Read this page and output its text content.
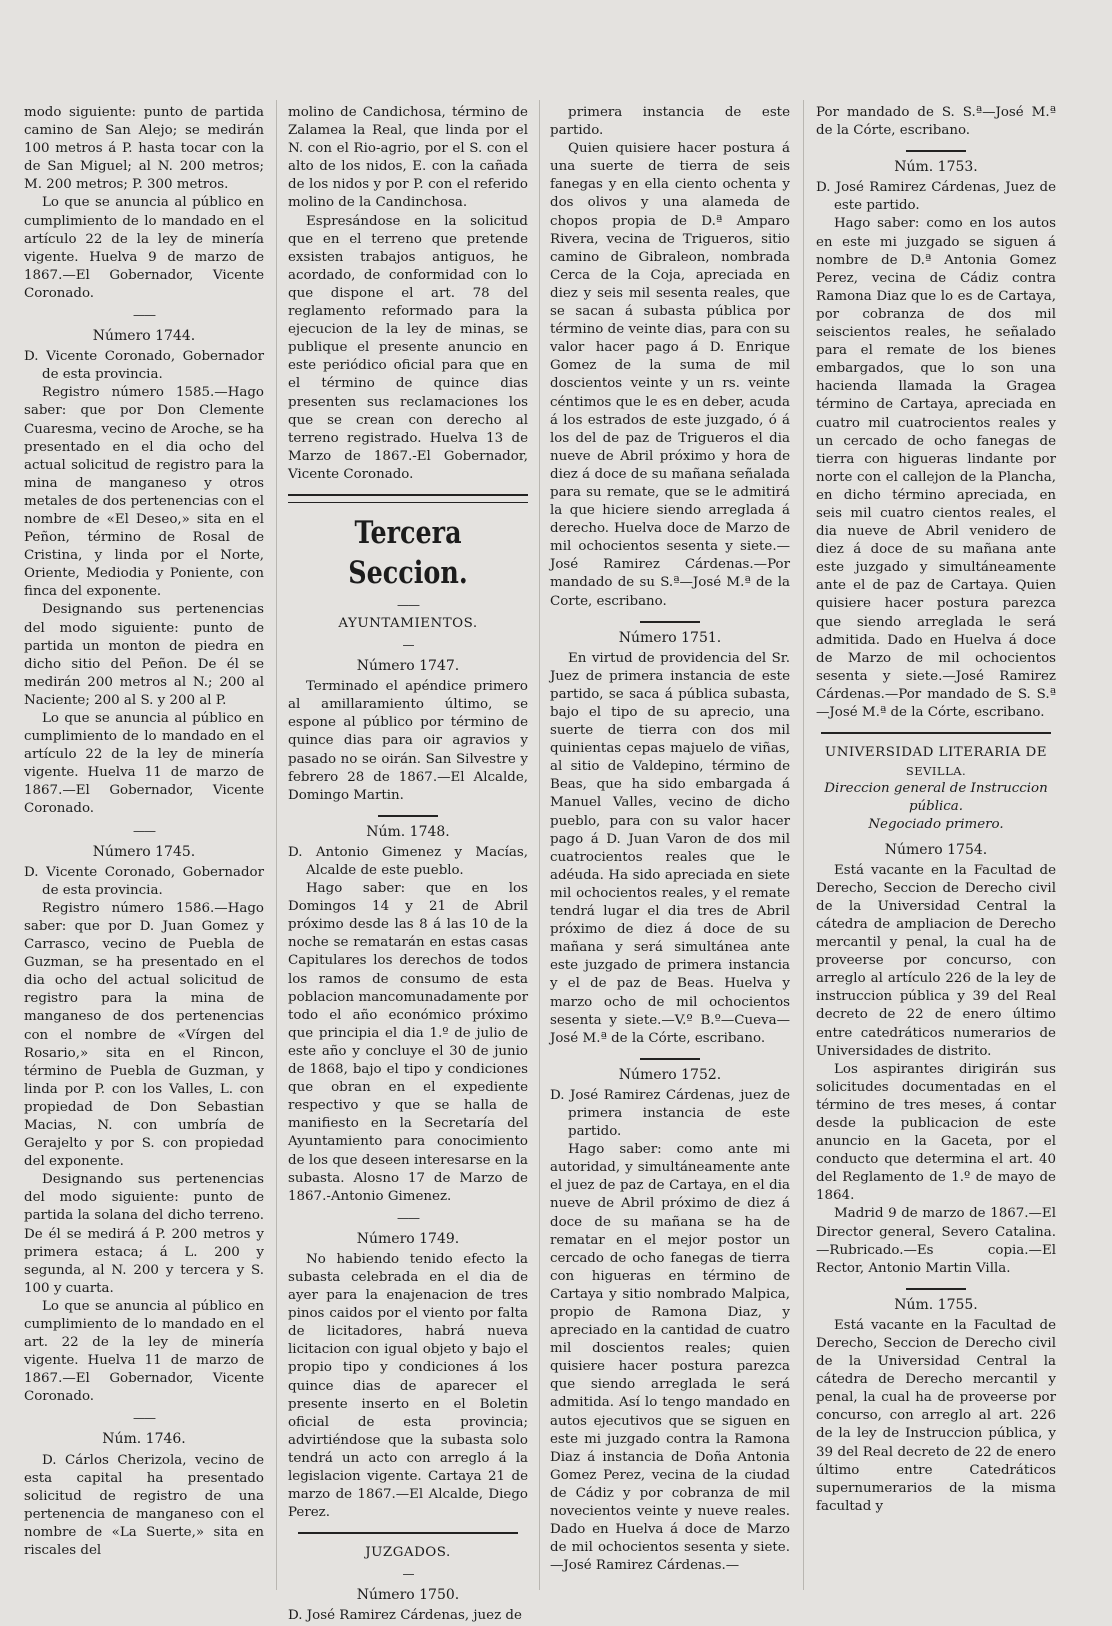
modo siguiente: punto de partida camino de San Alejo; se medirán 100 metros á P. hasta tocar con la de San Miguel; al N. 200 metros; M. 200 metros; P. 300 metros.

Lo que se anuncia al público en cumplimiento de lo mandado en el artículo 22 de la ley de minería vigente. Huelva 9 de marzo de 1867.—El Gobernador, Vicente Coronado.

——
Número 1744.

D. Vicente Coronado, Gobernador de esta provincia.

Registro número 1585.—Hago saber: que por Don Clemente Cuaresma, vecino de Aroche, se ha presentado en el dia ocho del actual solicitud de registro para la mina de manganeso y otros metales de dos pertenencias con el nombre de «El Deseo,» sita en el Peñon, término de Rosal de Cristina, y linda por el Norte, Oriente, Mediodia y Poniente, con finca del exponente.

Designando sus pertenencias del modo siguiente: punto de partida un monton de piedra en dicho sitio del Peñon. De él se medirán 200 metros al N.; 200 al Naciente; 200 al S. y 200 al P.

Lo que se anuncia al público en cumplimiento de lo mandado en el artículo 22 de la ley de minería vigente. Huelva 11 de marzo de 1867.—El Gobernador, Vicente Coronado.

——
Número 1745.

D. Vicente Coronado, Gobernador de esta provincia.

Registro número 1586.—Hago saber: que por D. Juan Gomez y Carrasco, vecino de Puebla de Guzman, se ha presentado en el dia ocho del actual solicitud de registro para la mina de manganeso de dos pertenencias con el nombre de «Vírgen del Rosario,» sita en el Rincon, término de Puebla de Guzman, y linda por P. con los Valles, L. con propiedad de Don Sebastian Macias, N. con umbría de Gerajelto y por S. con propiedad del exponente.

Designando sus pertenencias del modo siguiente: punto de partida la solana del dicho terreno. De él se medirá á P. 200 metros y primera estaca; á L. 200 y segunda, al N. 200 y tercera y S. 100 y cuarta.

Lo que se anuncia al público en cumplimiento de lo mandado en el art. 22 de la ley de minería vigente. Huelva 11 de marzo de 1867.—El Gobernador, Vicente Coronado.

——
Núm. 1746.

D. Cárlos Cherizola, vecino de esta capital ha presentado solicitud de registro de una pertenencia de manganeso con el nombre de «La Suerte,» sita en riscales del

molino de Candichosa, término de Zalamea la Real, que linda por el N. con el Rio-agrio, por el S. con el alto de los nidos, E. con la cañada de los nidos y por P. con el referido molino de la Candinchosa.

Espresándose en la solicitud que en el terreno que pretende exsisten trabajos antiguos, he acordado, de conformidad con lo que dispone el art. 78 del reglamento reformado para la ejecucion de la ley de minas, se publique el presente anuncio en este periódico oficial para que en el término de quince dias presenten sus reclamaciones los que se crean con derecho al terreno registrado. Huelva 13 de Marzo de 1867.-El Gobernador, Vicente Coronado.

Tercera Seccion.
——
AYUNTAMIENTOS.
—
Número 1747.

Terminado el apéndice primero al amillaramiento último, se espone al público por término de quince dias para oir agravios y pasado no se oirán. San Silvestre y febrero 28 de 1867.—El Alcalde, Domingo Martin.

Núm. 1748.

D. Antonio Gimenez y Macías, Alcalde de este pueblo.

Hago saber: que en los Domingos 14 y 21 de Abril próximo desde las 8 á las 10 de la noche se rematarán en estas casas Capitulares los derechos de todos los ramos de consumo de esta poblacion mancomunadamente por todo el año económico próximo que principia el dia 1.º de julio de este año y concluye el 30 de junio de 1868, bajo el tipo y condiciones que obran en el expediente respectivo y que se halla de manifiesto en la Secretaría del Ayuntamiento para conocimiento de los que deseen interesarse en la subasta. Alosno 17 de Marzo de 1867.-Antonio Gimenez.

——
Número 1749.

No habiendo tenido efecto la subasta celebrada en el dia de ayer para la enajenacion de tres pinos caidos por el viento por falta de licitadores, habrá nueva licitacion con igual objeto y bajo el propio tipo y condiciones á los quince dias de aparecer el presente inserto en el Boletin oficial de esta provincia; advirtiéndose que la subasta solo tendrá un acto con arreglo á la legislacion vigente. Cartaya 21 de marzo de 1867.—El Alcalde, Diego Perez.

JUZGADOS.
—
Número 1750.

D. José Ramirez Cárdenas, juez de

primera instancia de este partido.

Quien quisiere hacer postura á una suerte de tierra de seis fanegas y en ella ciento ochenta y dos olivos y una alameda de chopos propia de D.ª Amparo Rivera, vecina de Trigueros, sitio camino de Gibraleon, nombrada Cerca de la Coja, apreciada en diez y seis mil sesenta reales, que se sacan á subasta pública por término de veinte dias, para con su valor hacer pago á D. Enrique Gomez de la suma de mil doscientos veinte y un rs. veinte céntimos que le es en deber, acuda á los estrados de este juzgado, ó á los del de paz de Trigueros el dia nueve de Abril próximo y hora de diez á doce de su mañana señalada para su remate, que se le admitirá la que hiciere siendo arreglada á derecho. Huelva doce de Marzo de mil ochocientos sesenta y siete.—José Ramirez Cárdenas.—Por mandado de su S.ª—José M.ª de la Corte, escribano.

Número 1751.

En virtud de providencia del Sr. Juez de primera instancia de este partido, se saca á pública subasta, bajo el tipo de su aprecio, una suerte de tierra con dos mil quinientas cepas majuelo de viñas, al sitio de Valdepino, término de Beas, que ha sido embargada á Manuel Valles, vecino de dicho pueblo, para con su valor hacer pago á D. Juan Varon de dos mil cuatrocientos reales que le adéuda. Ha sido apreciada en siete mil ochocientos reales, y el remate tendrá lugar el dia tres de Abril próximo de diez á doce de su mañana y será simultánea ante este juzgado de primera instancia y el de paz de Beas. Huelva y marzo ocho de mil ochocientos sesenta y siete.—V.º B.º—Cueva—José M.ª de la Córte, escribano.

Número 1752.

D. José Ramirez Cárdenas, juez de primera instancia de este partido.

Hago saber: como ante mi autoridad, y simultáneamente ante el juez de paz de Cartaya, en el dia nueve de Abril próximo de diez á doce de su mañana se ha de rematar en el mejor postor un cercado de ocho fanegas de tierra con higueras en término de Cartaya y sitio nombrado Malpica, propio de Ramona Diaz, y apreciado en la cantidad de cuatro mil doscientos reales; quien quisiere hacer postura parezca que siendo arreglada le será admitida. Así lo tengo mandado en autos ejecutivos que se siguen en este mi juzgado contra la Ramona Diaz á instancia de Doña Antonia Gomez Perez, vecina de la ciudad de Cádiz y por cobranza de mil novecientos veinte y nueve reales. Dado en Huelva á doce de Marzo de mil ochocientos sesenta y siete.—José Ramirez Cárdenas.—

Por mandado de S. S.ª—José M.ª de la Córte, escribano.

Núm. 1753.

D. José Ramirez Cárdenas, Juez de este partido.

Hago saber: como en los autos en este mi juzgado se siguen á nombre de D.ª Antonia Gomez Perez, vecina de Cádiz contra Ramona Diaz que lo es de Cartaya, por cobranza de dos mil seiscientos reales, he señalado para el remate de los bienes embargados, que lo son una hacienda llamada la Gragea término de Cartaya, apreciada en cuatro mil cuatrocientos reales y un cercado de ocho fanegas de tierra con higueras lindante por norte con el callejon de la Plancha, en dicho término apreciada, en seis mil cuatro cientos reales, el dia nueve de Abril venidero de diez á doce de su mañana ante este juzgado y simultáneamente ante el de paz de Cartaya. Quien quisiere hacer postura parezca que siendo arreglada le será admitida. Dado en Huelva á doce de Marzo de mil ochocientos sesenta y siete.—José Ramirez Cárdenas.—Por mandado de S. S.ª—José M.ª de la Córte, escribano.

UNIVERSIDAD LITERARIA DE
SEVILLA.
Direccion general de Instruccion pública.
Negociado primero.
Número 1754.

Está vacante en la Facultad de Derecho, Seccion de Derecho civil de la Universidad Central la cátedra de ampliacion de Derecho mercantil y penal, la cual ha de proveerse por concurso, con arreglo al artículo 226 de la ley de instruccion pública y 39 del Real decreto de 22 de enero último entre catedráticos numerarios de Universidades de distrito.

Los aspirantes dirigirán sus solicitudes documentadas en el término de tres meses, á contar desde la publicacion de este anuncio en la Gaceta, por el conducto que determina el art. 40 del Reglamento de 1.º de mayo de 1864.

Madrid 9 de marzo de 1867.—El Director general, Severo Catalina.—Rubricado.—Es copia.—El Rector, Antonio Martin Villa.

Núm. 1755.

Está vacante en la Facultad de Derecho, Seccion de Derecho civil de la Universidad Central la cátedra de Derecho mercantil y penal, la cual ha de proveerse por concurso, con arreglo al art. 226 de la ley de Instruccion pública, y 39 del Real decreto de 22 de enero último entre Catedráticos supernumerarios de la misma facultad y
